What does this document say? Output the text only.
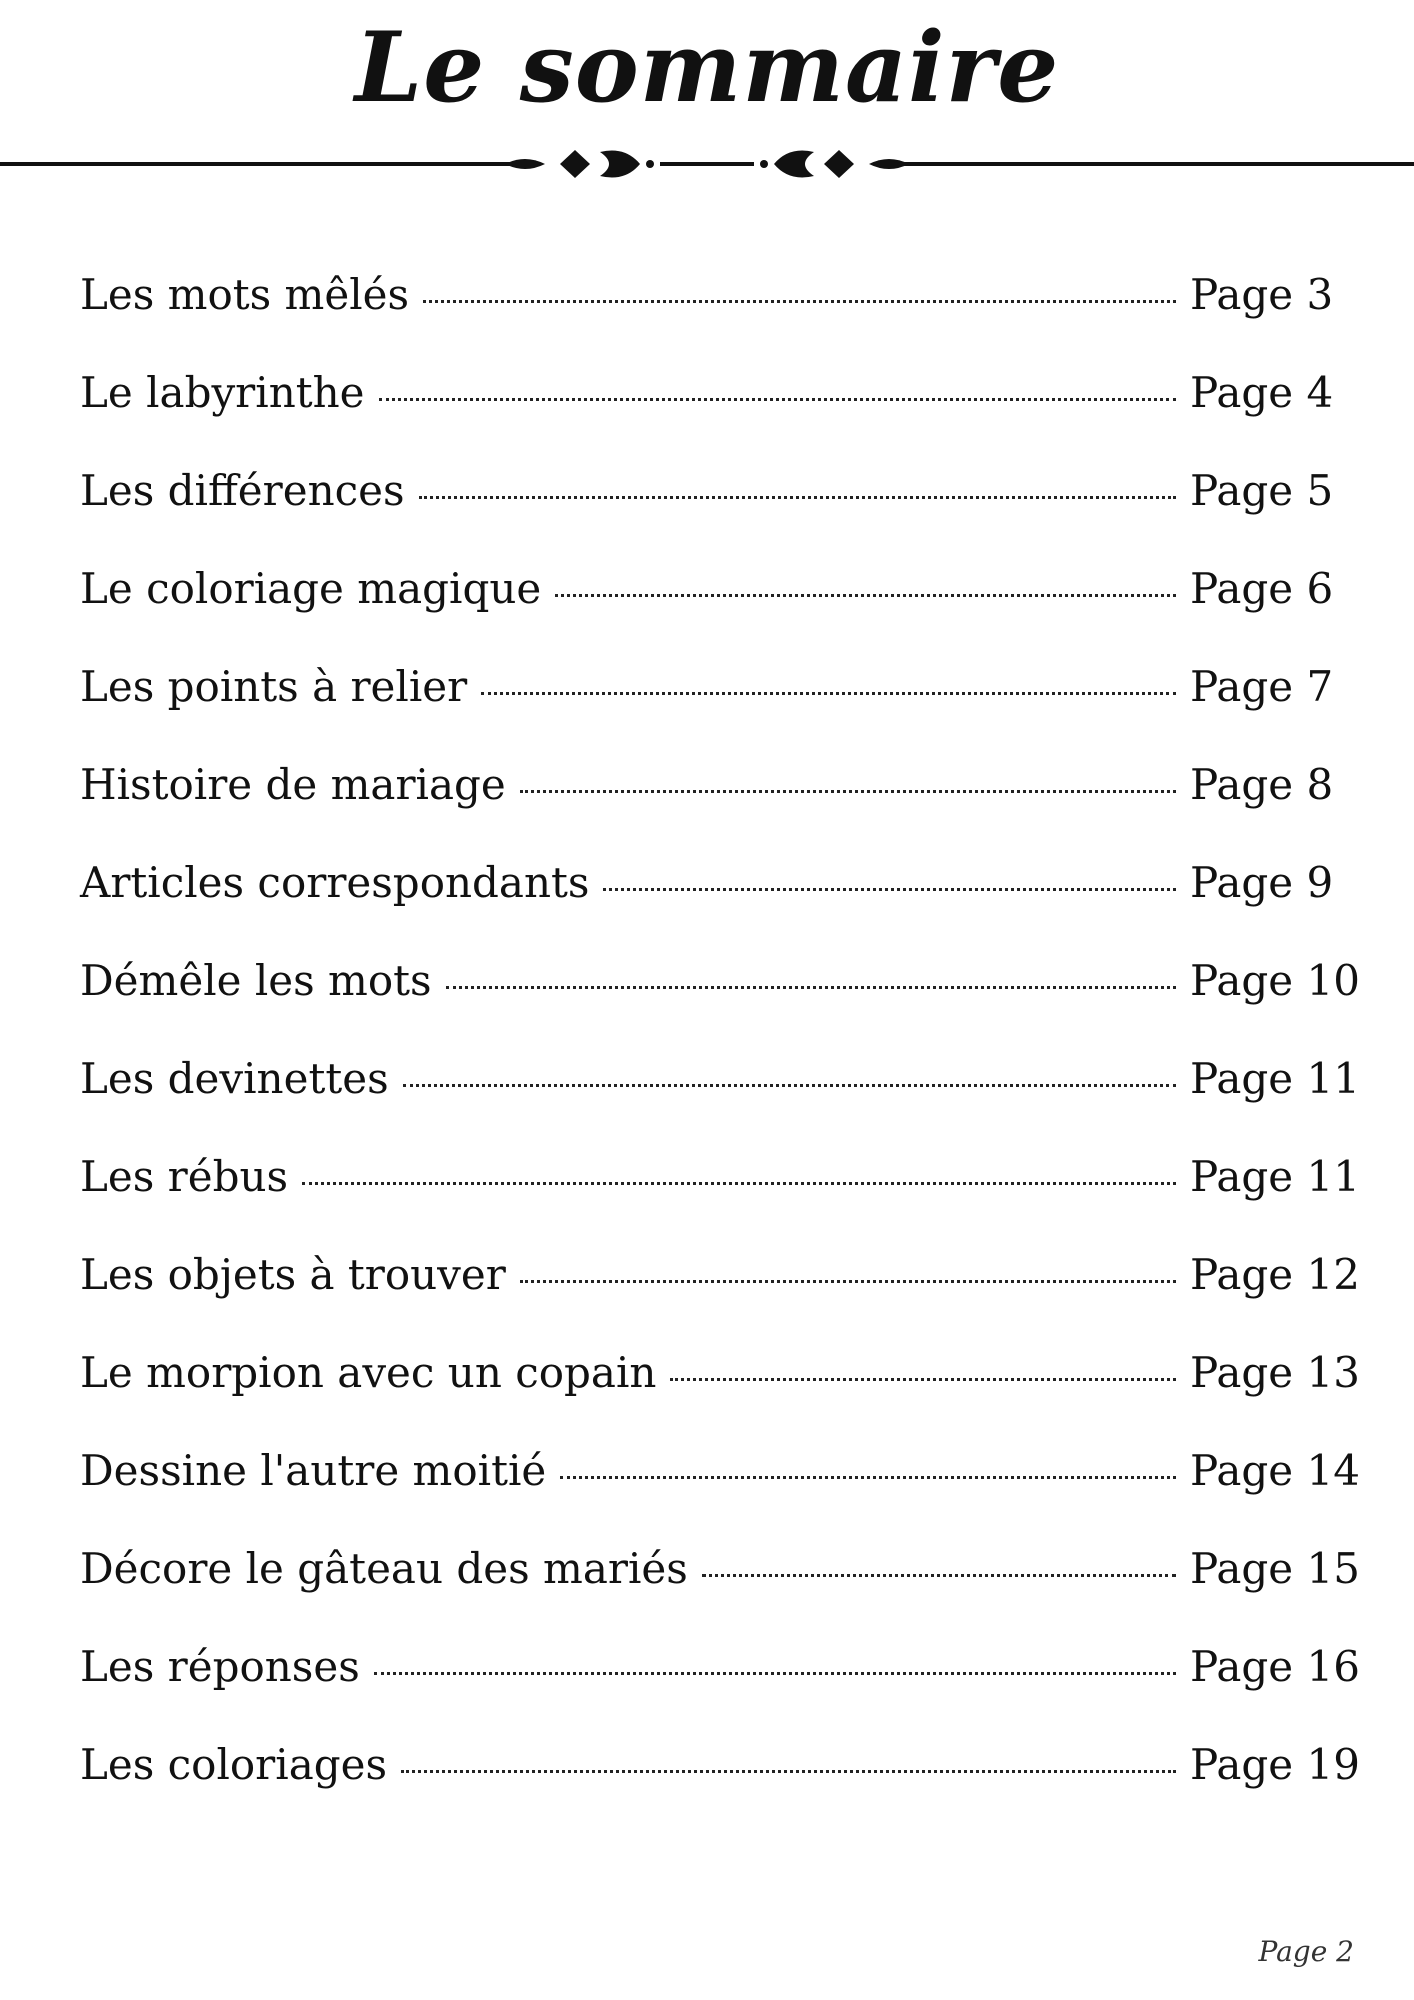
Le sommaire
Les mots mêlés	Page 3
Le labyrinthe	Page 4
Les différences	Page 5
Le coloriage magique	Page 6
Les points à relier	Page 7
Histoire de mariage	Page 8
Articles correspondants	Page 9
Démêle les mots	Page 10
Les devinettes	Page 11
Les rébus	Page 11
Les objets à trouver	Page 12
Le morpion avec un copain	Page 13
Dessine l'autre moitié	Page 14
Décore le gâteau des mariés	Page 15
Les réponses	Page 16
Les coloriages	Page 19
Page 2
